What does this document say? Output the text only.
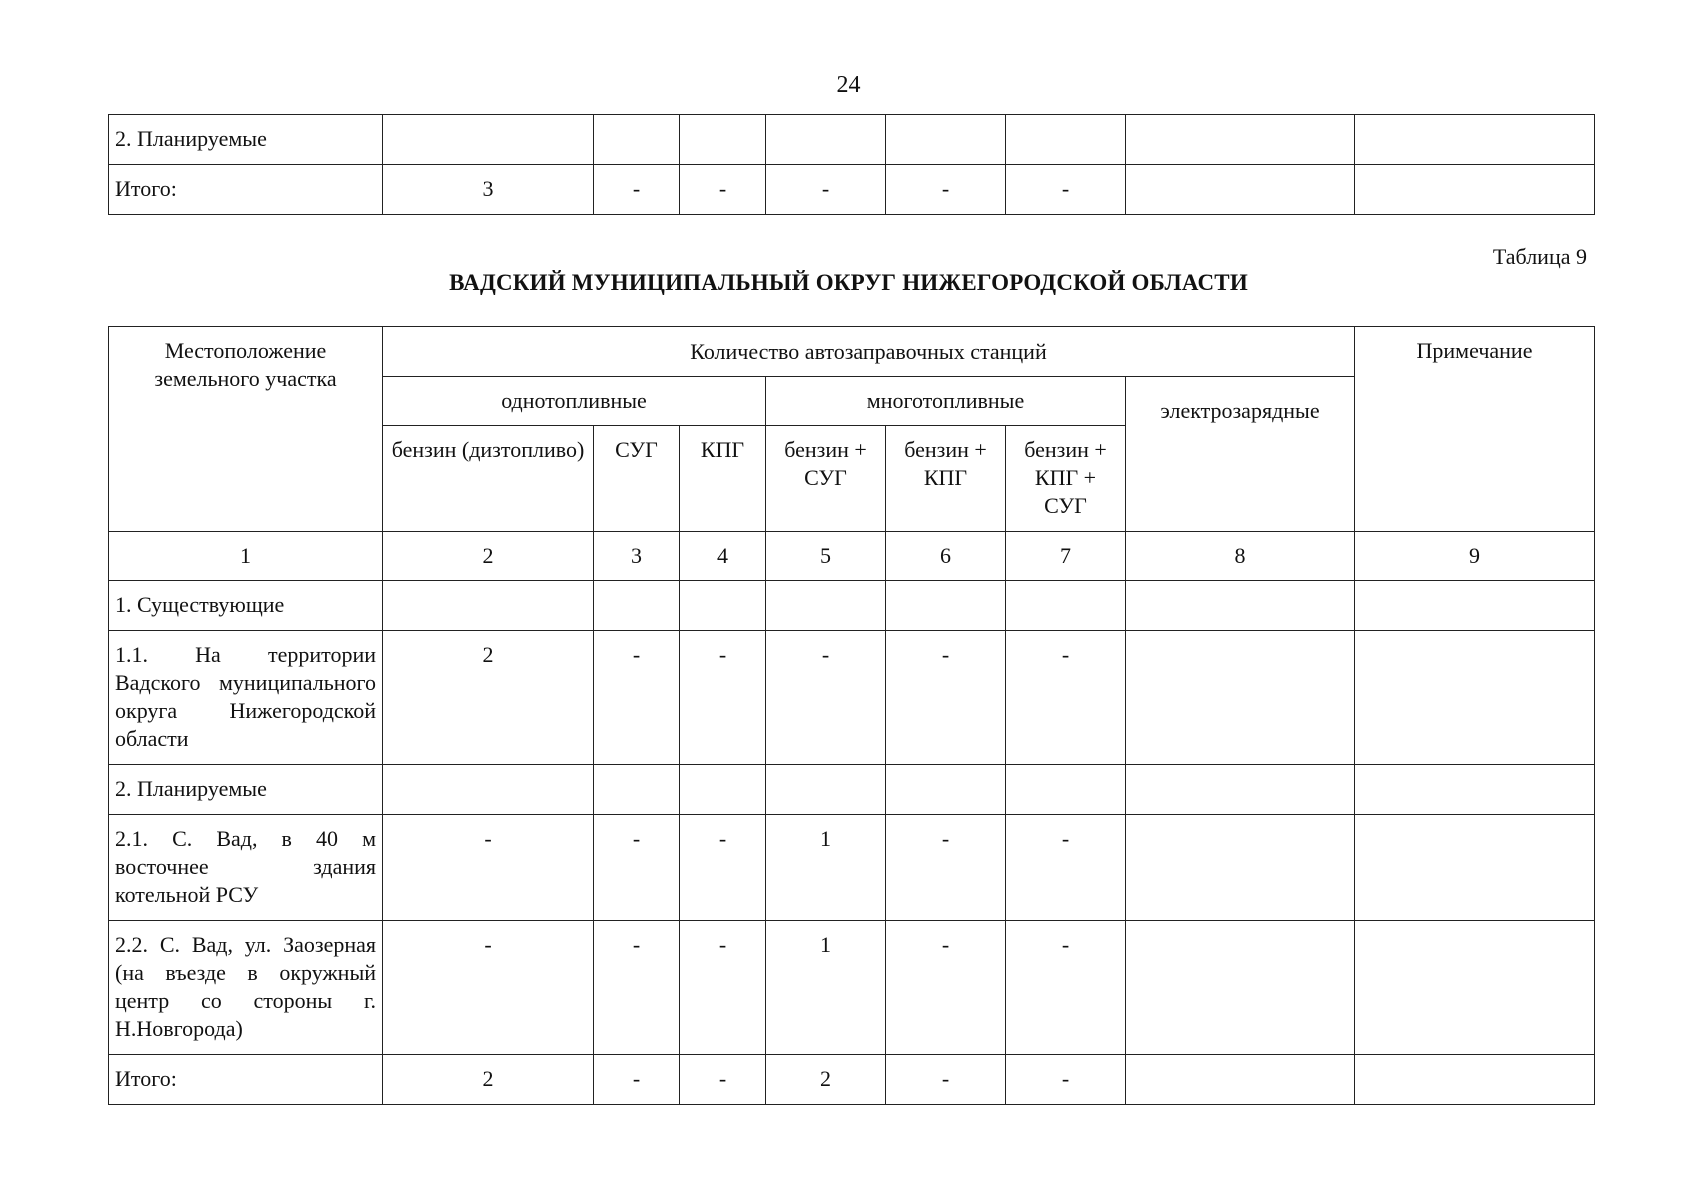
24
2. Планируемые								
Итого:	3	-	-	-	-	-		
Таблица 9
ВАДСКИЙ МУНИЦИПАЛЬНЫЙ ОКРУГ НИЖЕГОРОДСКОЙ ОБЛАСТИ
Местоположение земельного участка	Количество автозаправочных станций							Примечание
	однотопливные			многотопливные			электрозарядные	
	бензин (дизтопливо)	СУГ	КПГ	бензин + СУГ	бензин + КПГ	бензин + КПГ + СУГ		
1	2	3	4	5	6	7	8	9
1. Существующие								
1.1. На территории Вадского муниципального округа Нижегородской области	2	-	-	-	-	-		
2. Планируемые								
2.1. С. Вад, в 40 м восточнее здания котельной РСУ	-	-	-	1	-	-		
2.2. С. Вад, ул. Заозерная (на въезде в окружный центр со стороны г. Н.Новгорода)	-	-	-	1	-	-		
Итого:	2	-	-	2	-	-		
